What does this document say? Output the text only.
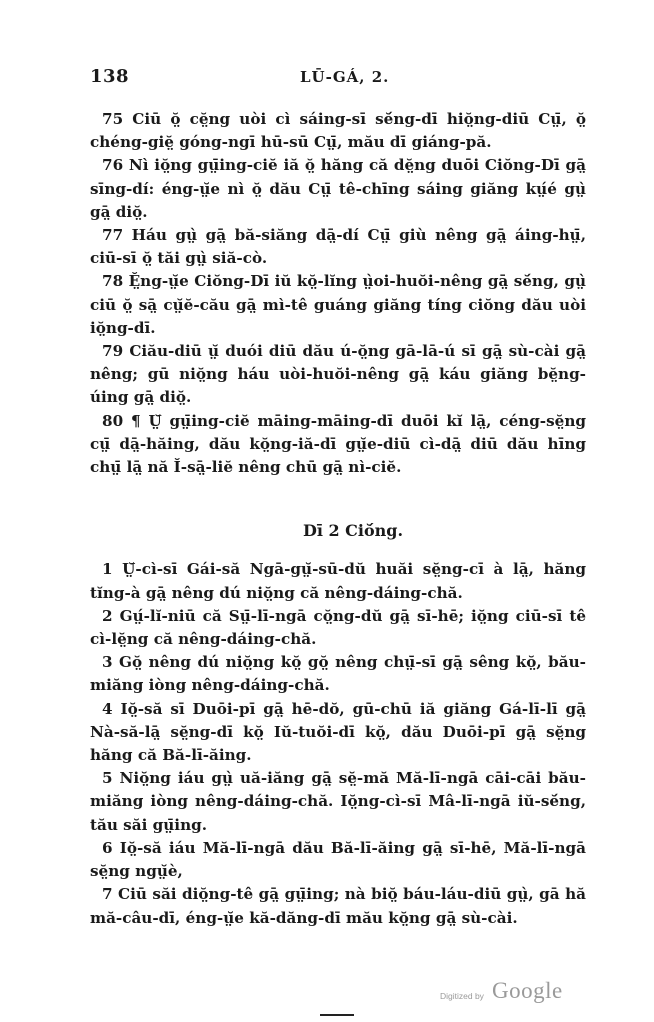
138	LŪ-GÁ, 2.

75 Ciū ŏ̤ cĕ̤ng uòi cì sáing-sī sĕ́ng-dī hiŏ̤ng-diū Cṳ̄, ŏ̤ chéng-giĕ̤ góng-ngī hū-sū Cṳ̄, mău dī giáng-pă.

76 Nì iŏ̤ng gṳ̄ing-ciĕ iă ŏ̤ hăng că dĕ̤ng duōi Ciŏng-Dī gā̤ sīng-dí: éng-ṳ̆e nì ŏ̤ dău Cṳ̄ tê-chīng sáing giăng kṳ́é gṳ̀ gā̤ diŏ̤.

77 Háu gṳ̀ gā̤ bă-siăng dā̤-dí Cṳ̄ giù nêng gā̤ áing-hṳ̄, ciū-sī ŏ̤ tăi gṳ̀ siă-cò.

78 Ĕ̤ng-ṳ̆e Ciŏng-Dī iŭ kŏ̤-lĭng ṳ̀oi-huŏi-nêng gā̤ sĕ́ng, gṳ̀ ciū ŏ̤ sā̤ cṳ̆ĕ-cău gā̤ mì-tê guáng giăng tíng ciŏng dău uòi iŏ̤ng-dī.

79 Ciău-diū ṳ̆ duói diū dău ú-ŏ̤ng gā-lā-ú sī gā̤ sù-cài gā̤ nêng; gū niŏ̤ng háu uòi-huŏi-nêng gā̤ káu giăng bĕ̤ng-úing gā̤ diŏ̤.

80 ¶ Ṳ̆ gṳ̄ing-ciĕ māing-māing-dī duōi kĭ lā̤, céng-sĕ̤ng cṳ̄ dā̤-hăing, dău kŏ̤ng-iă-dī gṳ̆e-diū cì-dā̤ diū dău hīng chṳ̄ lā̤ nă Ĭ-sā̤-liĕ nêng chū gā̤ nì-ciĕ.

Dī 2 Ciŏ́ng.

1 Ṳ̆-cì-sī Gái-să Ngā-gṳ̆-sū-dŭ huăi sĕ̤ng-cī à lā̤, hăng tĭng-à gā̤ nêng dú niŏ̤ng că nêng-dáing-chă.

2 Gṳ́-lĭ-niū că Sṳ̄-lī-ngā cŏ̤ng-dŭ gā̤ sī-hē; iŏ̤ng ciū-sī tê cì-lĕ̤ng că nêng-dáing-chă.

3 Gŏ̤ nêng dú niŏ̤ng kŏ̤ gŏ̤ nêng chṳ̄-sī gā̤ sêng kŏ̤, bău-miăng iòng nêng-dáing-chă.

4 Iŏ̤-să sī Duōi-pī gā̤ hē-dŏ, gū-chū iă giăng Gá-lī-lī gā̤ Nà-să-lā̤ sĕ̤ng-dī kŏ̤ Iŭ-tuŏi-dī kŏ̤, dău Duōi-pī gā̤ sĕ̤ng hăng că Bă-lī-ăing.

5 Niŏ̤ng iáu gṳ̀ uă-iăng gā̤ sĕ̤-mă Mă-lī-ngā cāi-cāi bău-miăng iòng nêng-dáing-chă. Iŏ̤ng-cì-sī Mâ-lī-ngā iŭ-sĕ́ng, tău săi gṳ̄ing.

6 Iŏ̤-să iáu Mă-lī-ngā dău Bă-lī-ăing gā̤ sī-hē, Mă-lī-ngā sĕ̤ng ngṳ̆è,

7 Ciū săi diŏ̤ng-tê gā̤ gṳ̄ing; nà biŏ̤ báu-láu-diū gṳ̀, gā hă mă-câu-dī, éng-ṳ̆e kă-dăng-dī mău kŏ̤ng gā̤ sù-cài.

Digitized by Google
